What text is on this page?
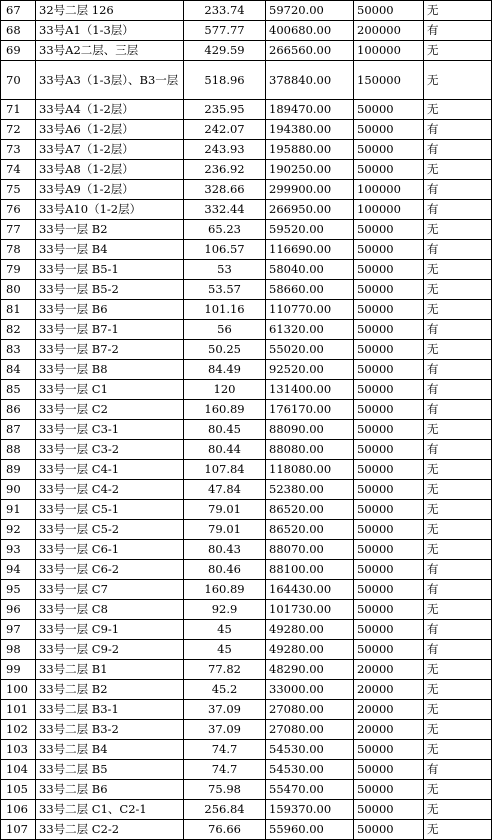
67	32号二层 126	233.74	59720.00	50000	无
68	33号A1（1-3层）	577.77	400680.00	200000	有
69	33号A2二层、三层	429.59	266560.00	100000	无
70	33号A3（1-3层）、B3一层	518.96	378840.00	150000	无
71	33号A4（1-2层）	235.95	189470.00	50000	无
72	33号A6（1-2层）	242.07	194380.00	50000	有
73	33号A7（1-2层）	243.93	195880.00	50000	有
74	33号A8（1-2层）	236.92	190250.00	50000	无
75	33号A9（1-2层）	328.66	299900.00	100000	有
76	33号A10（1-2层）	332.44	266950.00	100000	有
77	33号一层 B2	65.23	59520.00	50000	无
78	33号一层 B4	106.57	116690.00	50000	有
79	33号一层 B5-1	53	58040.00	50000	无
80	33号一层 B5-2	53.57	58660.00	50000	无
81	33号一层 B6	101.16	110770.00	50000	无
82	33号一层 B7-1	56	61320.00	50000	有
83	33号一层 B7-2	50.25	55020.00	50000	无
84	33号一层 B8	84.49	92520.00	50000	有
85	33号一层 C1	120	131400.00	50000	有
86	33号一层 C2	160.89	176170.00	50000	有
87	33号一层 C3-1	80.45	88090.00	50000	无
88	33号一层 C3-2	80.44	88080.00	50000	有
89	33号一层 C4-1	107.84	118080.00	50000	无
90	33号一层 C4-2	47.84	52380.00	50000	无
91	33号一层 C5-1	79.01	86520.00	50000	无
92	33号一层 C5-2	79.01	86520.00	50000	无
93	33号一层 C6-1	80.43	88070.00	50000	无
94	33号一层 C6-2	80.46	88100.00	50000	有
95	33号一层 C7	160.89	164430.00	50000	有
96	33号一层 C8	92.9	101730.00	50000	无
97	33号一层 C9-1	45	49280.00	50000	有
98	33号一层 C9-2	45	49280.00	50000	有
99	33号二层 B1	77.82	48290.00	20000	无
100	33号二层 B2	45.2	33000.00	20000	无
101	33号二层 B3-1	37.09	27080.00	20000	无
102	33号二层 B3-2	37.09	27080.00	20000	无
103	33号二层 B4	74.7	54530.00	50000	无
104	33号二层 B5	74.7	54530.00	50000	有
105	33号二层 B6	75.98	55470.00	50000	无
106	33号二层 C1、C2-1	256.84	159370.00	50000	无
107	33号二层 C2-2	76.66	55960.00	50000	无
